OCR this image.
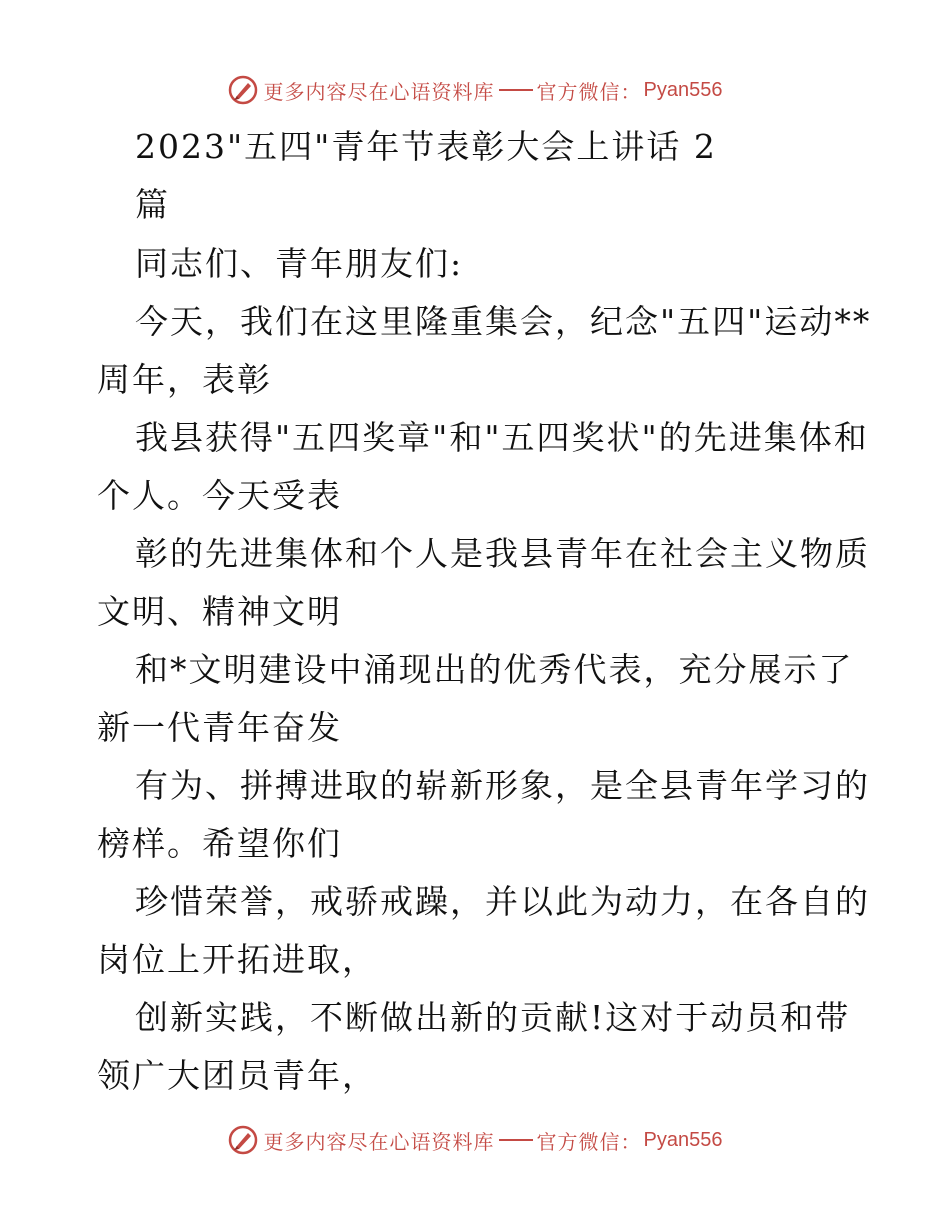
更多内容尽在心语资料库 官方微信： Pyan556
2023"五四"青年节表彰大会上讲话 2
篇
同志们、青年朋友们:
今天，我们在这里隆重集会，纪念"五四"运动**
周年，表彰
我县获得"五四奖章"和"五四奖状"的先进集体和
个人。今天受表
彰的先进集体和个人是我县青年在社会主义物质
文明、精神文明
和*文明建设中涌现出的优秀代表，充分展示了
新一代青年奋发
有为、拼搏进取的崭新形象，是全县青年学习的
榜样。希望你们
珍惜荣誉，戒骄戒躁，并以此为动力，在各自的
岗位上开拓进取，
创新实践，不断做出新的贡献!这对于动员和带
领广大团员青年，
更多内容尽在心语资料库 官方微信： Pyan556
